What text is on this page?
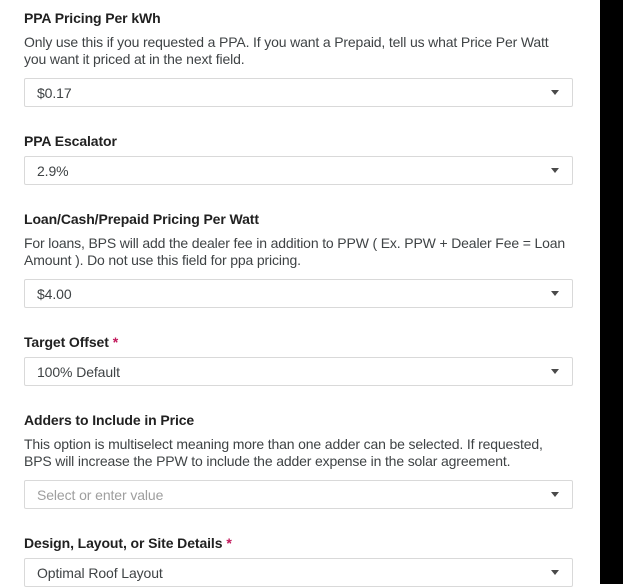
PPA Pricing Per kWh

Only use this if you requested a PPA. If you want a Prepaid, tell us what Price Per Watt you want it priced at in the next field.

$0.17
PPA Escalator
2.9%
Loan/Cash/Prepaid Pricing Per Watt

For loans, BPS will add the dealer fee in addition to PPW ( Ex. PPW + Dealer Fee = Loan Amount ). Do not use this field for ppa pricing.

$4.00
Target Offset *
100% Default
Adders to Include in Price

This option is multiselect meaning more than one adder can be selected. If requested, BPS will increase the PPW to include the adder expense in the solar agreement.

Select or enter value
Design, Layout, or Site Details *
Optimal Roof Layout
